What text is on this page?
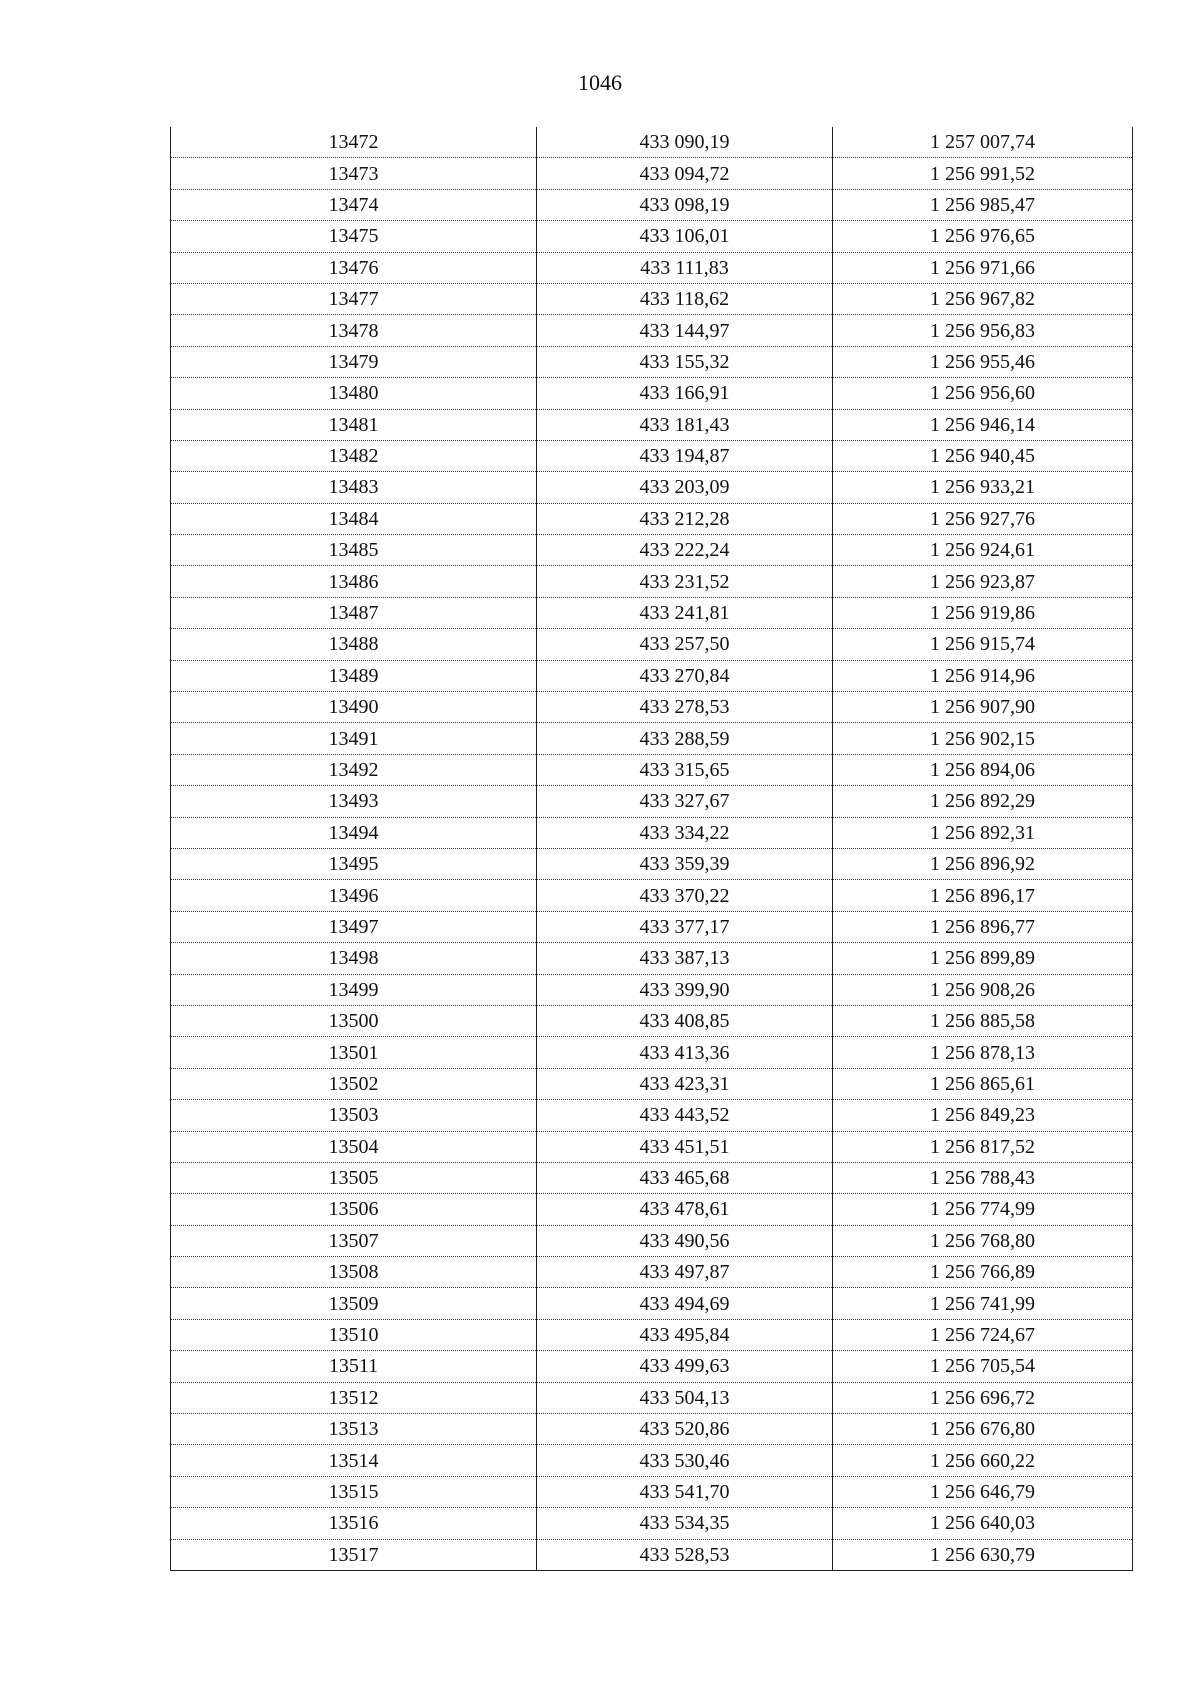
1046
13472	433 090,19	1 257 007,74
13473	433 094,72	1 256 991,52
13474	433 098,19	1 256 985,47
13475	433 106,01	1 256 976,65
13476	433 111,83	1 256 971,66
13477	433 118,62	1 256 967,82
13478	433 144,97	1 256 956,83
13479	433 155,32	1 256 955,46
13480	433 166,91	1 256 956,60
13481	433 181,43	1 256 946,14
13482	433 194,87	1 256 940,45
13483	433 203,09	1 256 933,21
13484	433 212,28	1 256 927,76
13485	433 222,24	1 256 924,61
13486	433 231,52	1 256 923,87
13487	433 241,81	1 256 919,86
13488	433 257,50	1 256 915,74
13489	433 270,84	1 256 914,96
13490	433 278,53	1 256 907,90
13491	433 288,59	1 256 902,15
13492	433 315,65	1 256 894,06
13493	433 327,67	1 256 892,29
13494	433 334,22	1 256 892,31
13495	433 359,39	1 256 896,92
13496	433 370,22	1 256 896,17
13497	433 377,17	1 256 896,77
13498	433 387,13	1 256 899,89
13499	433 399,90	1 256 908,26
13500	433 408,85	1 256 885,58
13501	433 413,36	1 256 878,13
13502	433 423,31	1 256 865,61
13503	433 443,52	1 256 849,23
13504	433 451,51	1 256 817,52
13505	433 465,68	1 256 788,43
13506	433 478,61	1 256 774,99
13507	433 490,56	1 256 768,80
13508	433 497,87	1 256 766,89
13509	433 494,69	1 256 741,99
13510	433 495,84	1 256 724,67
13511	433 499,63	1 256 705,54
13512	433 504,13	1 256 696,72
13513	433 520,86	1 256 676,80
13514	433 530,46	1 256 660,22
13515	433 541,70	1 256 646,79
13516	433 534,35	1 256 640,03
13517	433 528,53	1 256 630,79
